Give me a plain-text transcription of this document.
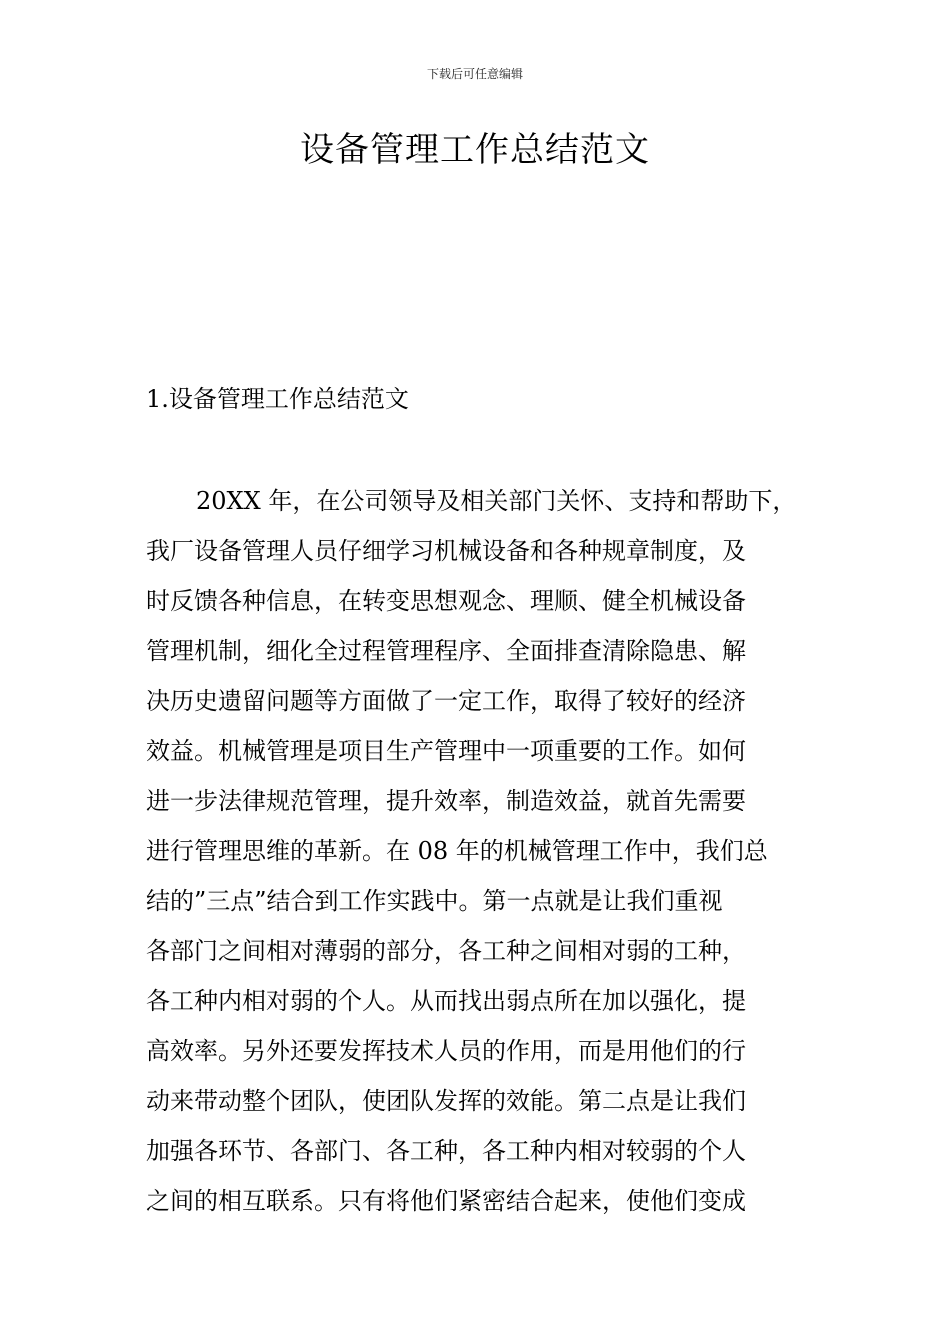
下载后可任意编辑
设备管理工作总结范文
1.设备管理工作总结范文
20XX 年，在公司领导及相关部门关怀、支持和帮助下，
我厂设备管理人员仔细学习机械设备和各种规章制度，及
时反馈各种信息，在转变思想观念、理顺、健全机械设备
管理机制，细化全过程管理程序、全面排查清除隐患、解
决历史遗留问题等方面做了一定工作，取得了较好的经济
效益。机械管理是项目生产管理中一项重要的工作。如何
进一步法律规范管理，提升效率，制造效益，就首先需要
进行管理思维的革新。在 08 年的机械管理工作中，我们总
结的”三点”结合到工作实践中。第一点就是让我们重视
各部门之间相对薄弱的部分，各工种之间相对弱的工种，
各工种内相对弱的个人。从而找出弱点所在加以强化，提
高效率。另外还要发挥技术人员的作用，而是用他们的行
动来带动整个团队，使团队发挥的效能。第二点是让我们
加强各环节、各部门、各工种，各工种内相对较弱的个人
之间的相互联系。只有将他们紧密结合起来，使他们变成
